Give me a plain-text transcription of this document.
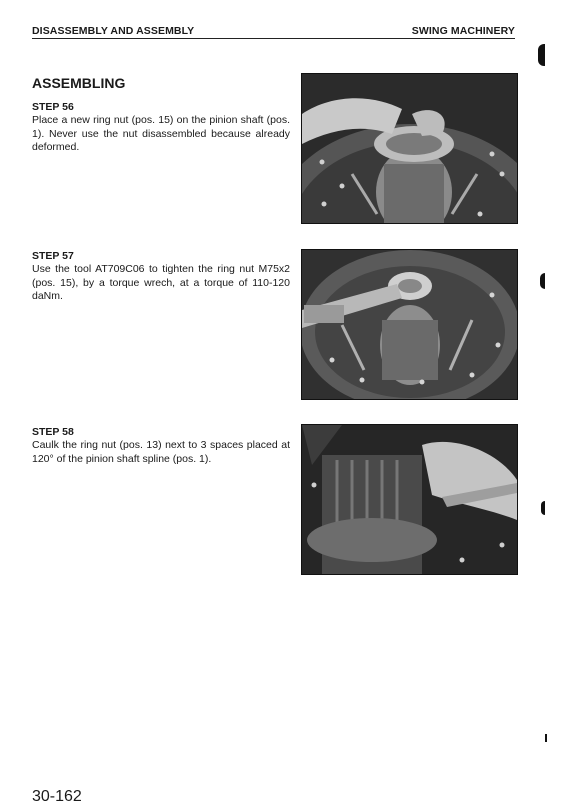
DISASSEMBLY AND ASSEMBLY	SWING MACHINERY
ASSEMBLING
STEP 56
Place a new ring nut (pos. 15) on the pinion shaft (pos. 1). Never use the nut disassembled because already deformed.
STEP 57
Use the tool AT709C06 to tighten the ring nut M75x2 (pos. 15), by a torque wrech, at a torque of 110-120 daNm.
STEP 58
Caulk the ring nut (pos. 13) next to 3 spaces placed at 120° of the pinion shaft spline (pos. 1).
30-162
